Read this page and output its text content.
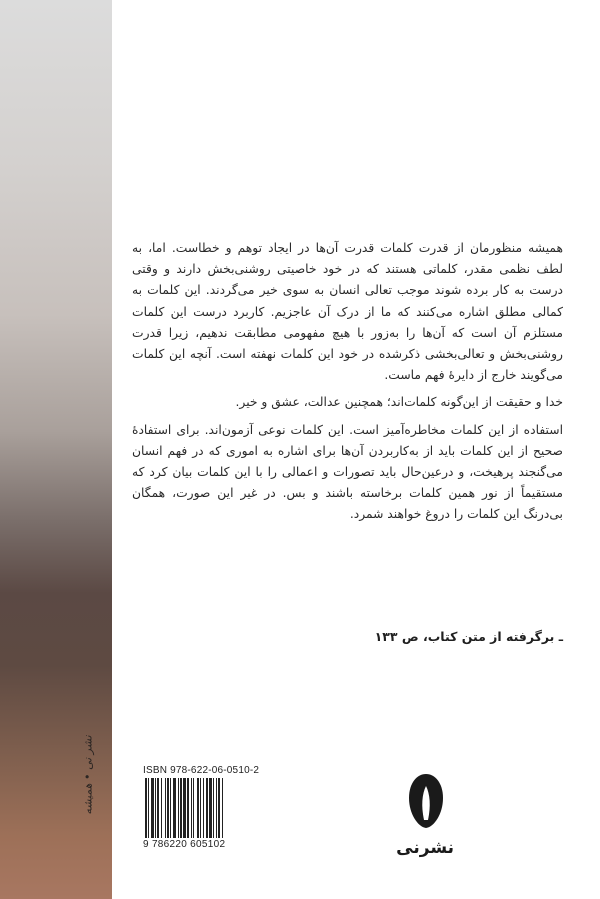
نشر نی • همیشه

همیشه منظورمان از قدرت کلمات قدرت آن‌ها در ایجاد توهم و خطاست. اما، به لطف نظمی مقدر، کلماتی هستند که در خود خاصیتی روشنی‌بخش دارند و وقتی درست به کار برده شوند موجب تعالی انسان به سوی خیر می‌گردند. این کلمات به کمالی مطلق اشاره می‌کنند که ما از درک آن عاجزیم. کاربرد درست این کلمات مستلزم آن است که آن‌ها را به‌زور با هیچ مفهومی مطابقت ندهیم، زیرا قدرت روشنی‌بخش و تعالی‌بخشی ذکرشده در خود این کلمات نهفته است. آنچه این کلمات می‌گویند خارج از دایرهٔ فهم ماست.

خدا و حقیقت از این‌گونه کلمات‌اند؛ همچنین عدالت، عشق و خیر.

استفاده از این کلمات مخاطره‌آمیز است. این کلمات نوعی آزمون‌اند. برای استفادهٔ صحیح از این کلمات باید از به‌کاربردن آن‌ها برای اشاره به اموری که در فهم انسان می‌گنجند پرهیخت، و درعین‌حال باید تصورات و اعمالی را با این کلمات بیان کرد که مستقیماً از نور همین کلمات برخاسته باشند و بس. در غیر این صورت، همگان بی‌درنگ این کلمات را دروغ خواهند شمرد.

ـ برگرفته از متن کتاب، ص ۱۳۳
ISBN 978-622-06-0510-2
9 786220 605102	نشرنی
